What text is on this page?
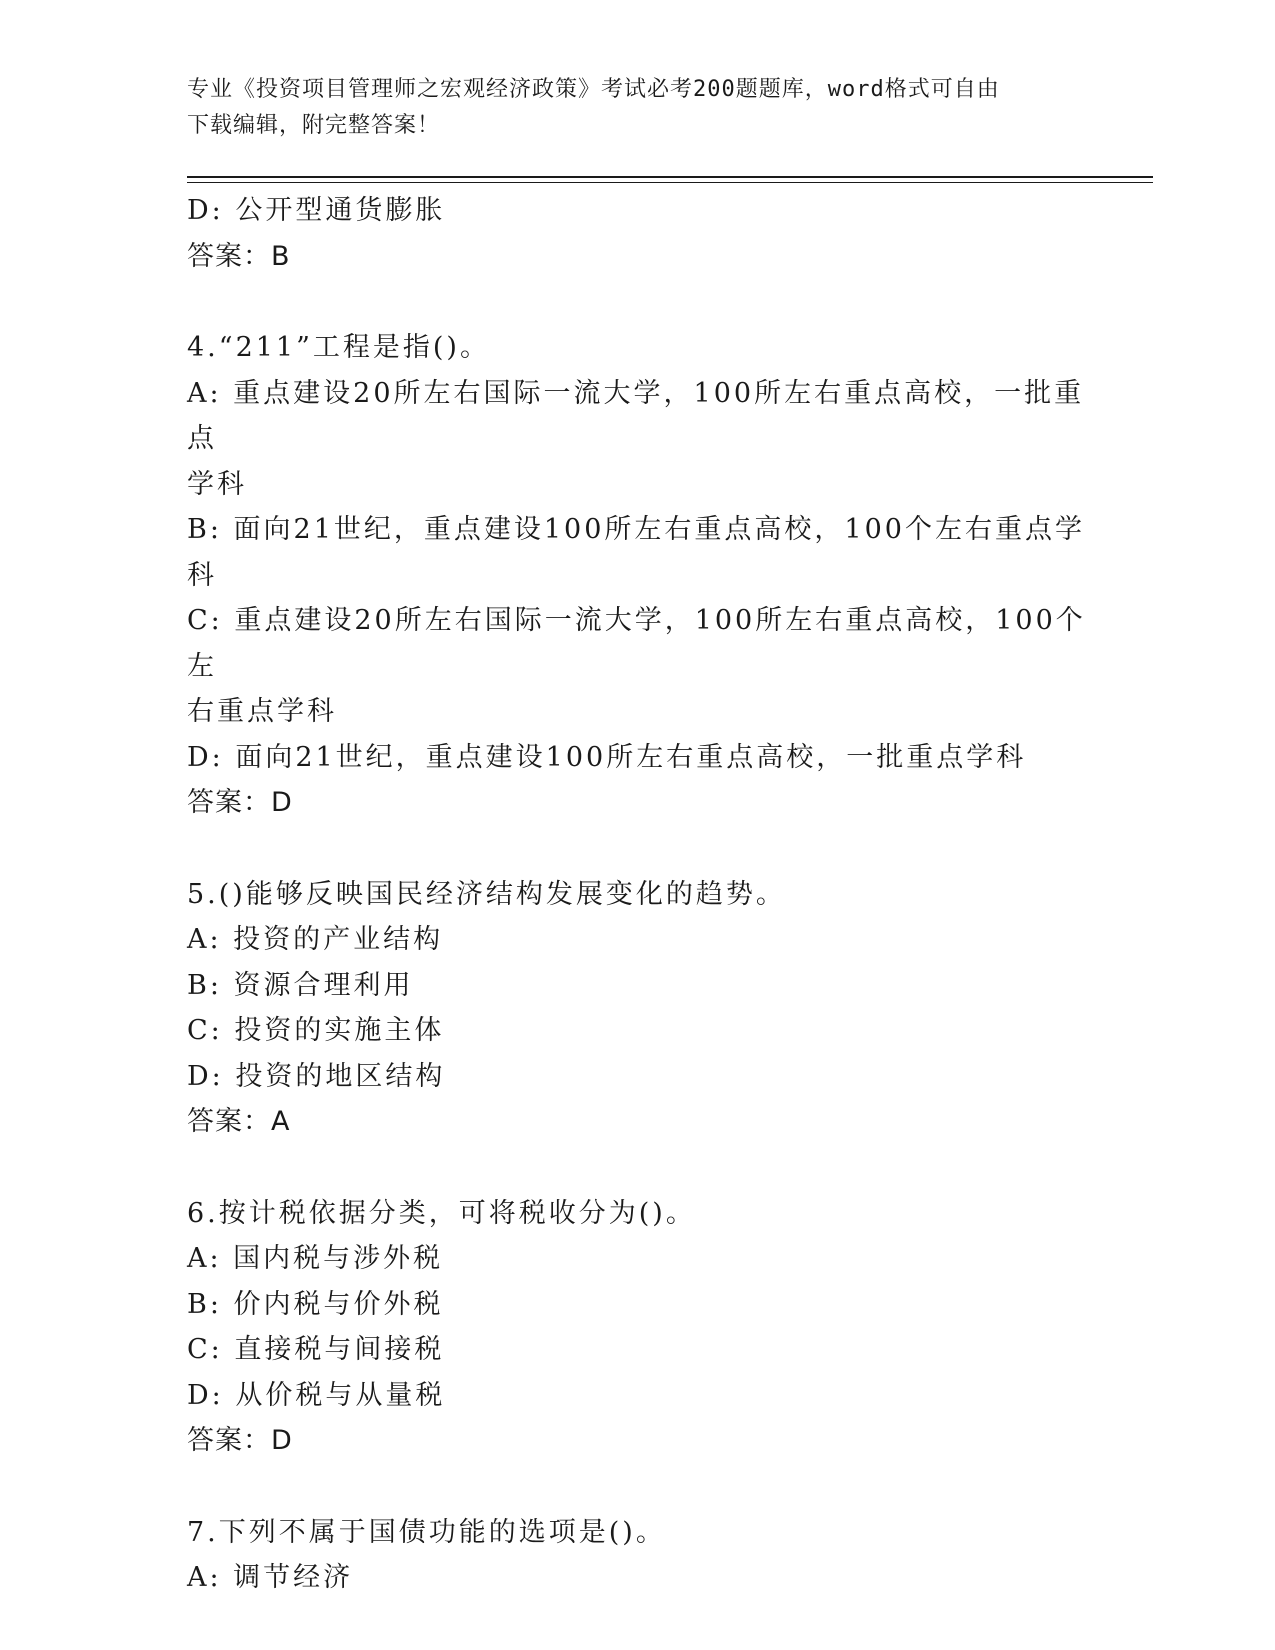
专业《投资项目管理师之宏观经济政策》考试必考200题题库，word格式可自由
下载编辑，附完整答案！
D: 公开型通货膨胀
答案：B
4.“211”工程是指()。
A: 重点建设20所左右国际一流大学，100所左右重点高校，一批重点
学科
B: 面向21世纪，重点建设100所左右重点高校，100个左右重点学科
C: 重点建设20所左右国际一流大学，100所左右重点高校，100个左
右重点学科
D: 面向21世纪，重点建设100所左右重点高校，一批重点学科
答案：D
5.()能够反映国民经济结构发展变化的趋势。
A: 投资的产业结构
B: 资源合理利用
C: 投资的实施主体
D: 投资的地区结构
答案：A
6.按计税依据分类，可将税收分为()。
A: 国内税与涉外税
B: 价内税与价外税
C: 直接税与间接税
D: 从价税与从量税
答案：D
7.下列不属于国债功能的选项是()。
A: 调节经济
